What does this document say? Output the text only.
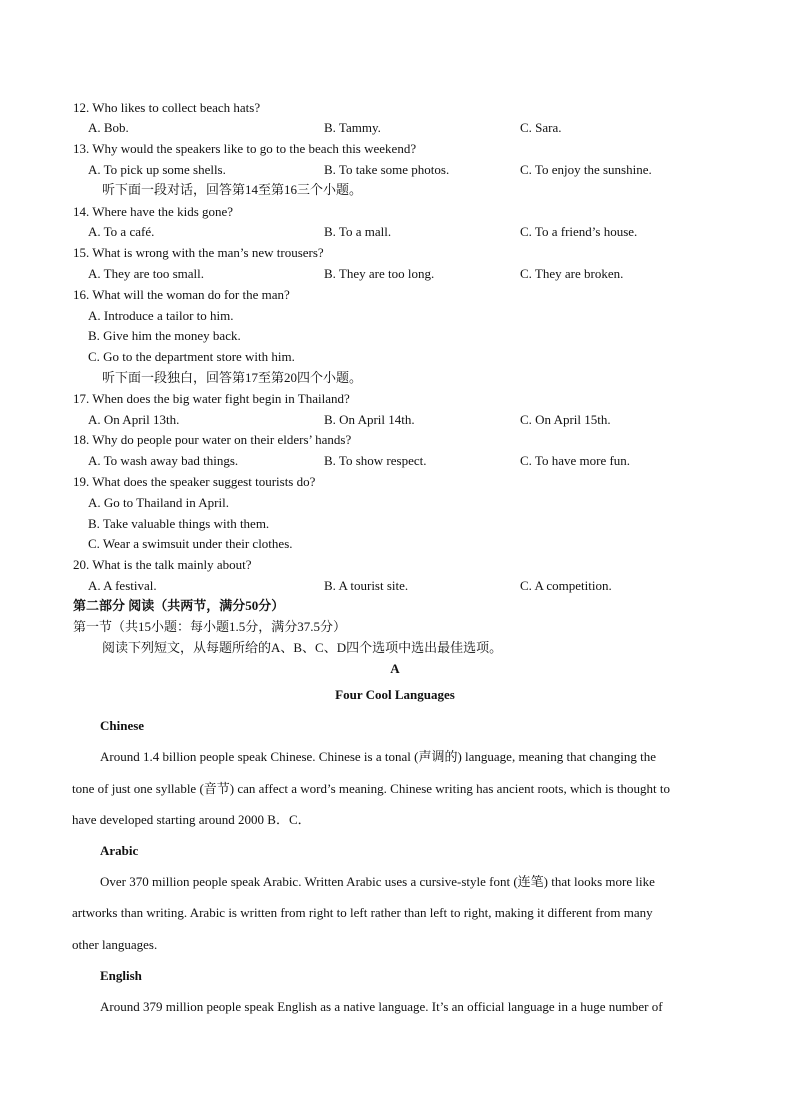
12. Who likes to collect beach hats?
A. Bob.	B. Tammy.	C. Sara.
13. Why would the speakers like to go to the beach this weekend?
A. To pick up some shells.	B. To take some photos.	C. To enjoy the sunshine.
听下面一段对话，回答第14至第16三个小题。
14. Where have the kids gone?
A. To a café.	B. To a mall.	C. To a friend’s house.
15. What is wrong with the man’s new trousers?
A. They are too small.	B. They are too long.	C. They are broken.
16. What will the woman do for the man?
A. Introduce a tailor to him.
B. Give him the money back.
C. Go to the department store with him.
听下面一段独白，回答第17至第20四个小题。
17. When does the big water fight begin in Thailand?
A. On April 13th.	B. On April 14th.	C. On April 15th.
18. Why do people pour water on their elders’ hands?
A. To wash away bad things.	B. To show respect.	C. To have more fun.
19. What does the speaker suggest tourists do?
A. Go to Thailand in April.
B. Take valuable things with them.
C. Wear a swimsuit under their clothes.
20. What is the talk mainly about?
A. A festival.	B. A tourist site.	C. A competition.
第二部分 阅读（共两节，满分50分）
第一节（共15小题：每小题1.5分，满分37.5分）
阅读下列短文，从每题所给的A、B、C、D四个选项中选出最佳选项。
A
Four Cool Languages
Chinese
Around 1.4 billion people speak Chinese. Chinese is a tonal (声调的) language, meaning that changing the
tone of just one syllable (音节) can affect a word’s meaning. Chinese writing has ancient roots, which is thought to
have developed starting around 2000 B．C．
Arabic
Over 370 million people speak Arabic. Written Arabic uses a cursive-style font (连笔) that looks more like
artworks than writing. Arabic is written from right to left rather than left to right, making it different from many
other languages.
English
Around 379 million people speak English as a native language. It’s an official language in a huge number of
